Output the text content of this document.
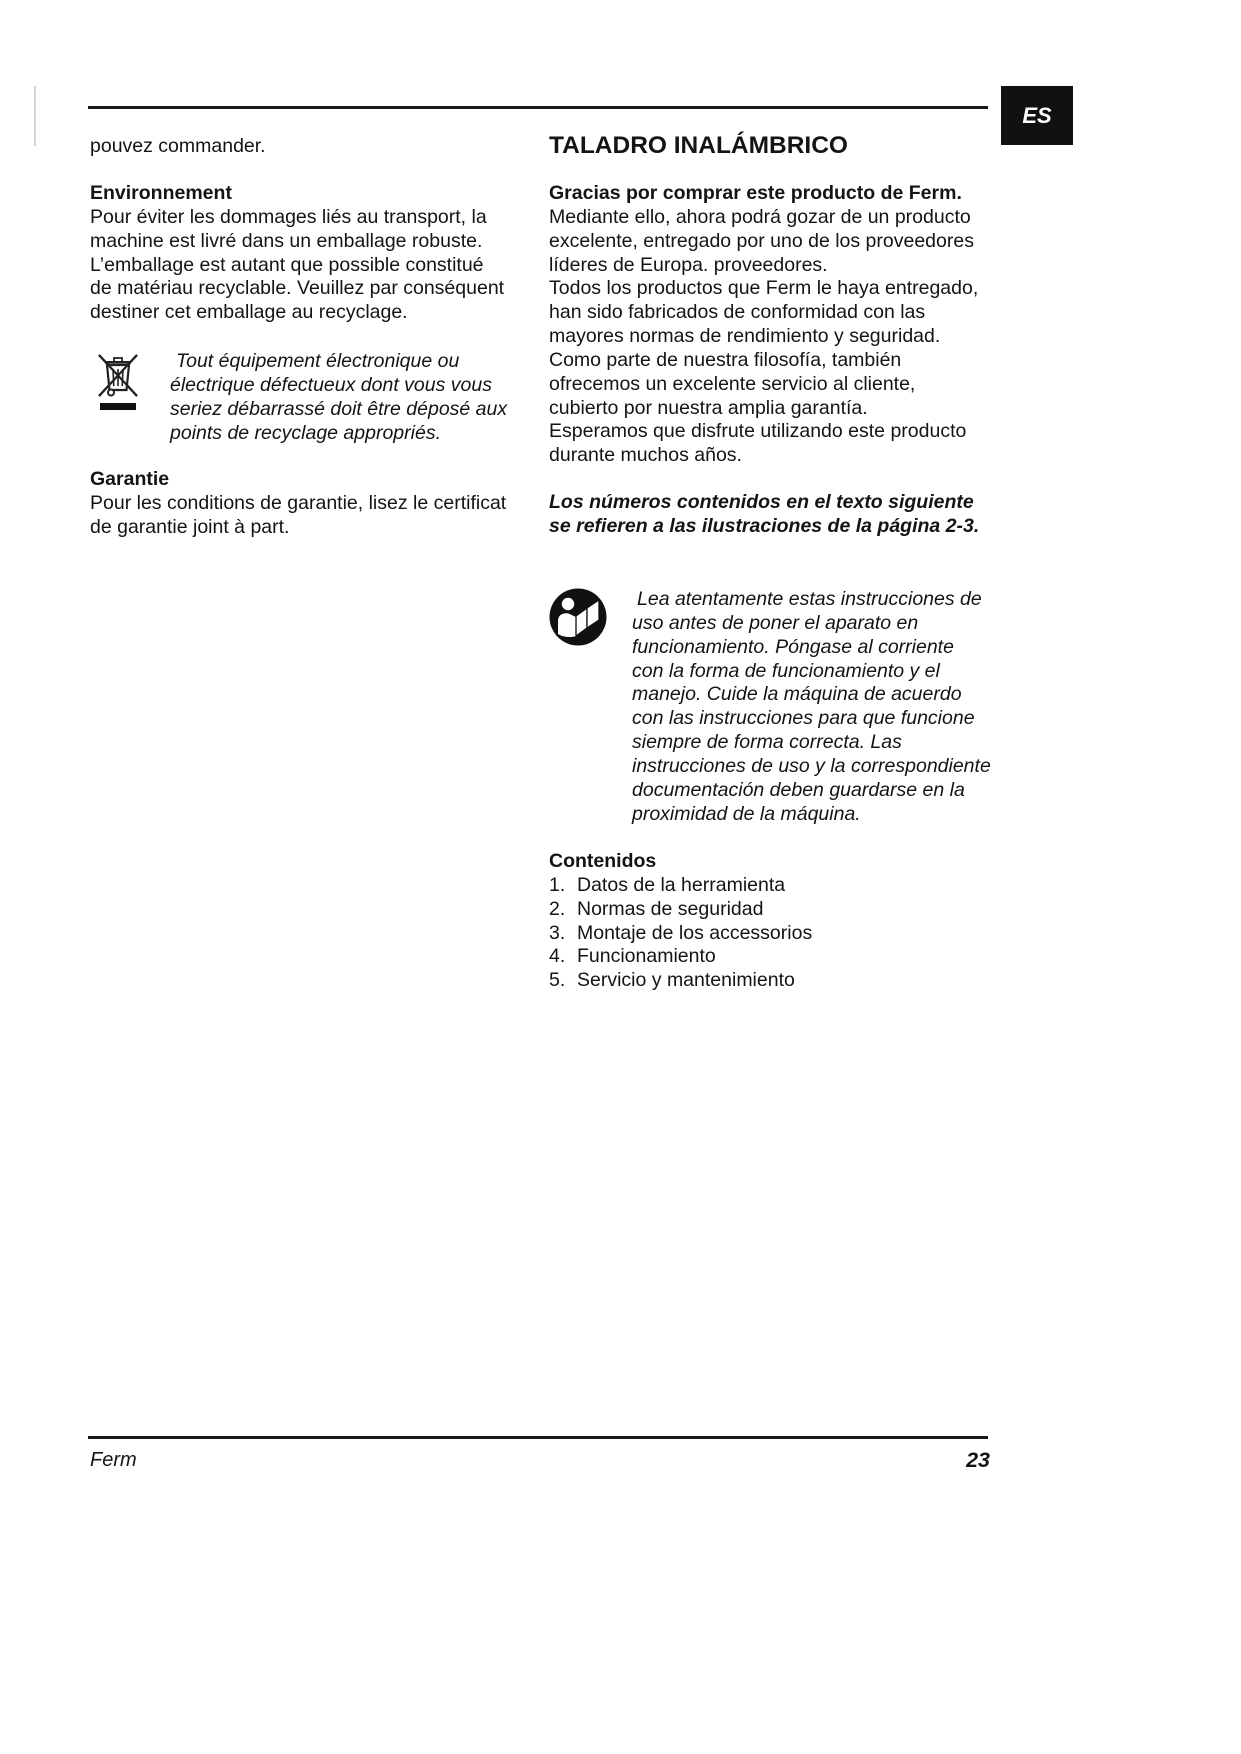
ES
pouvez commander.
Environnement
Pour éviter les dommages liés au transport, la
machine est livré dans un emballage robuste.
L’emballage est autant que possible constitué
de matériau recyclable. Veuillez par conséquent
destiner cet emballage au recyclage.
Tout équipement électronique ou
électrique défectueux dont vous vous
seriez débarrassé doit être déposé aux
points de recyclage appropriés.
Garantie
Pour les conditions de garantie, lisez le certificat
de garantie joint à part.
TALADRO INALÁMBRICO
Gracias por comprar este producto de Ferm.
Mediante ello, ahora podrá gozar de un producto
excelente, entregado por uno de los proveedores
líderes de Europa. proveedores.
Todos los productos que Ferm le haya entregado,
han sido fabricados de conformidad con las
mayores normas de rendimiento y seguridad.
Como parte de nuestra filosofía, también
ofrecemos un excelente servicio al cliente,
cubierto por nuestra amplia garantía.
Esperamos que disfrute utilizando este producto
durante muchos años.
Los números contenidos en el texto siguiente
se refieren a las ilustraciones de la página 2-3.
Lea atentamente estas instrucciones de
uso antes de poner el aparato en
funcionamiento. Póngase al corriente
con la forma de funcionamiento y el
manejo. Cuide la máquina de acuerdo
con las instrucciones para que funcione
siempre de forma correcta. Las
instrucciones de uso y la correspondiente
documentación deben guardarse en la
proximidad de la máquina.
Contenidos
1. Datos de la herramienta
2. Normas de seguridad
3. Montaje de los accessorios
4. Funcionamiento
5. Servicio y mantenimiento
Ferm	23
